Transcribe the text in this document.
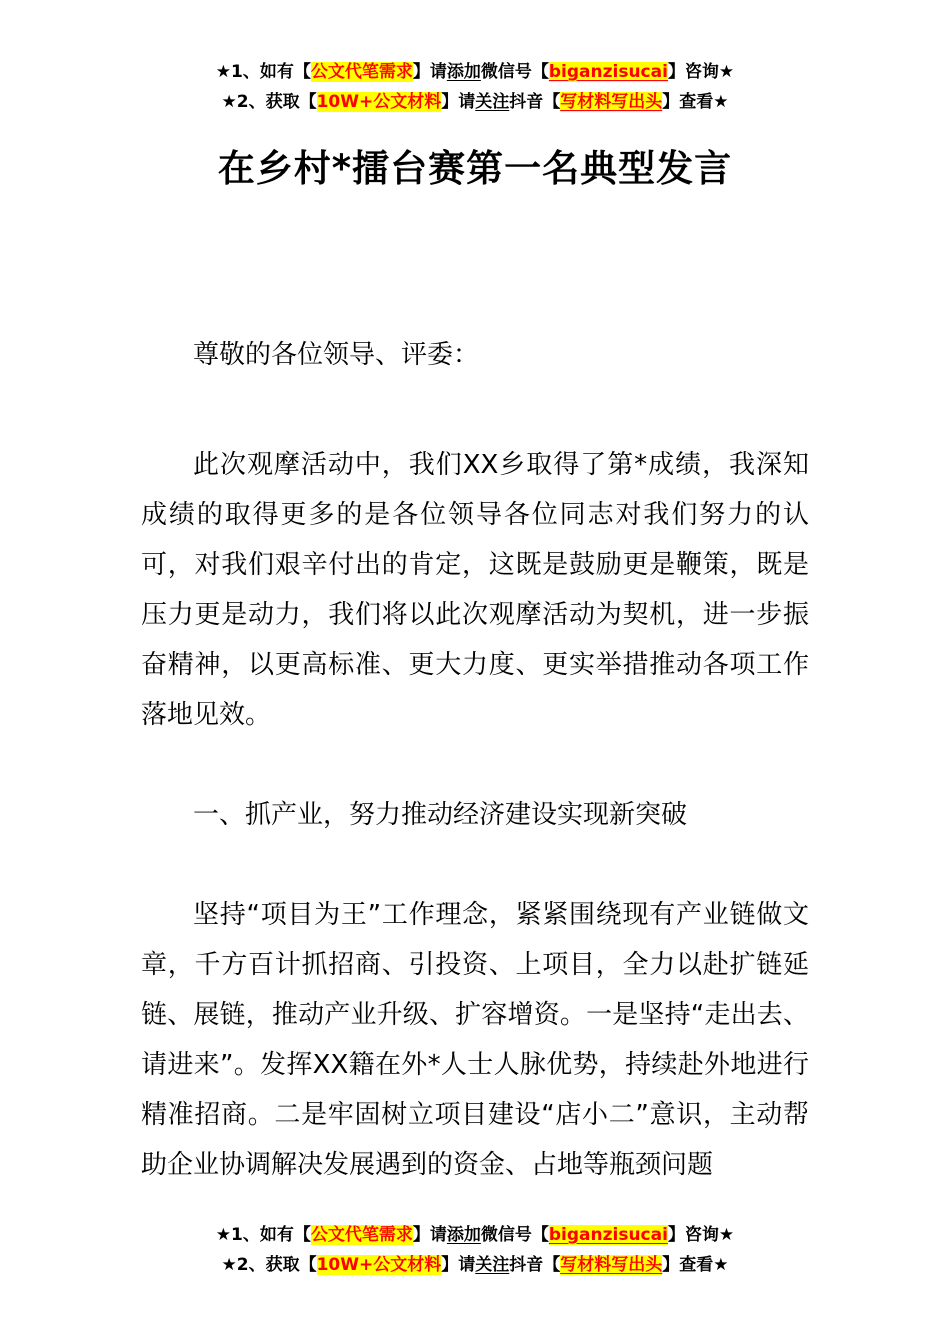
★1、如有【公文代笔需求】请添加微信号【biganzisucai】咨询★
★2、获取【10W+公文材料】请关注抖音【写材料写出头】查看★
在乡村*擂台赛第一名典型发言

尊敬的各位领导、评委：

此次观摩活动中，我们XX乡取得了第*成绩，我深知成绩的取得更多的是各位领导各位同志对我们努力的认可，对我们艰辛付出的肯定，这既是鼓励更是鞭策，既是压力更是动力，我们将以此次观摩活动为契机，进一步振奋精神，以更高标准、更大力度、更实举措推动各项工作落地见效。

一、抓产业，努力推动经济建设实现新突破

坚持“项目为王”工作理念，紧紧围绕现有产业链做文章，千方百计抓招商、引投资、上项目，全力以赴扩链延链、展链，推动产业升级、扩容增资。一是坚持“走出去、请进来”。发挥XX籍在外*人士人脉优势，持续赴外地进行精准招商。二是牢固树立项目建设“店小二”意识，主动帮助企业协调解决发展遇到的资金、占地等瓶颈问题

★1、如有【公文代笔需求】请添加微信号【biganzisucai】咨询★
★2、获取【10W+公文材料】请关注抖音【写材料写出头】查看★
